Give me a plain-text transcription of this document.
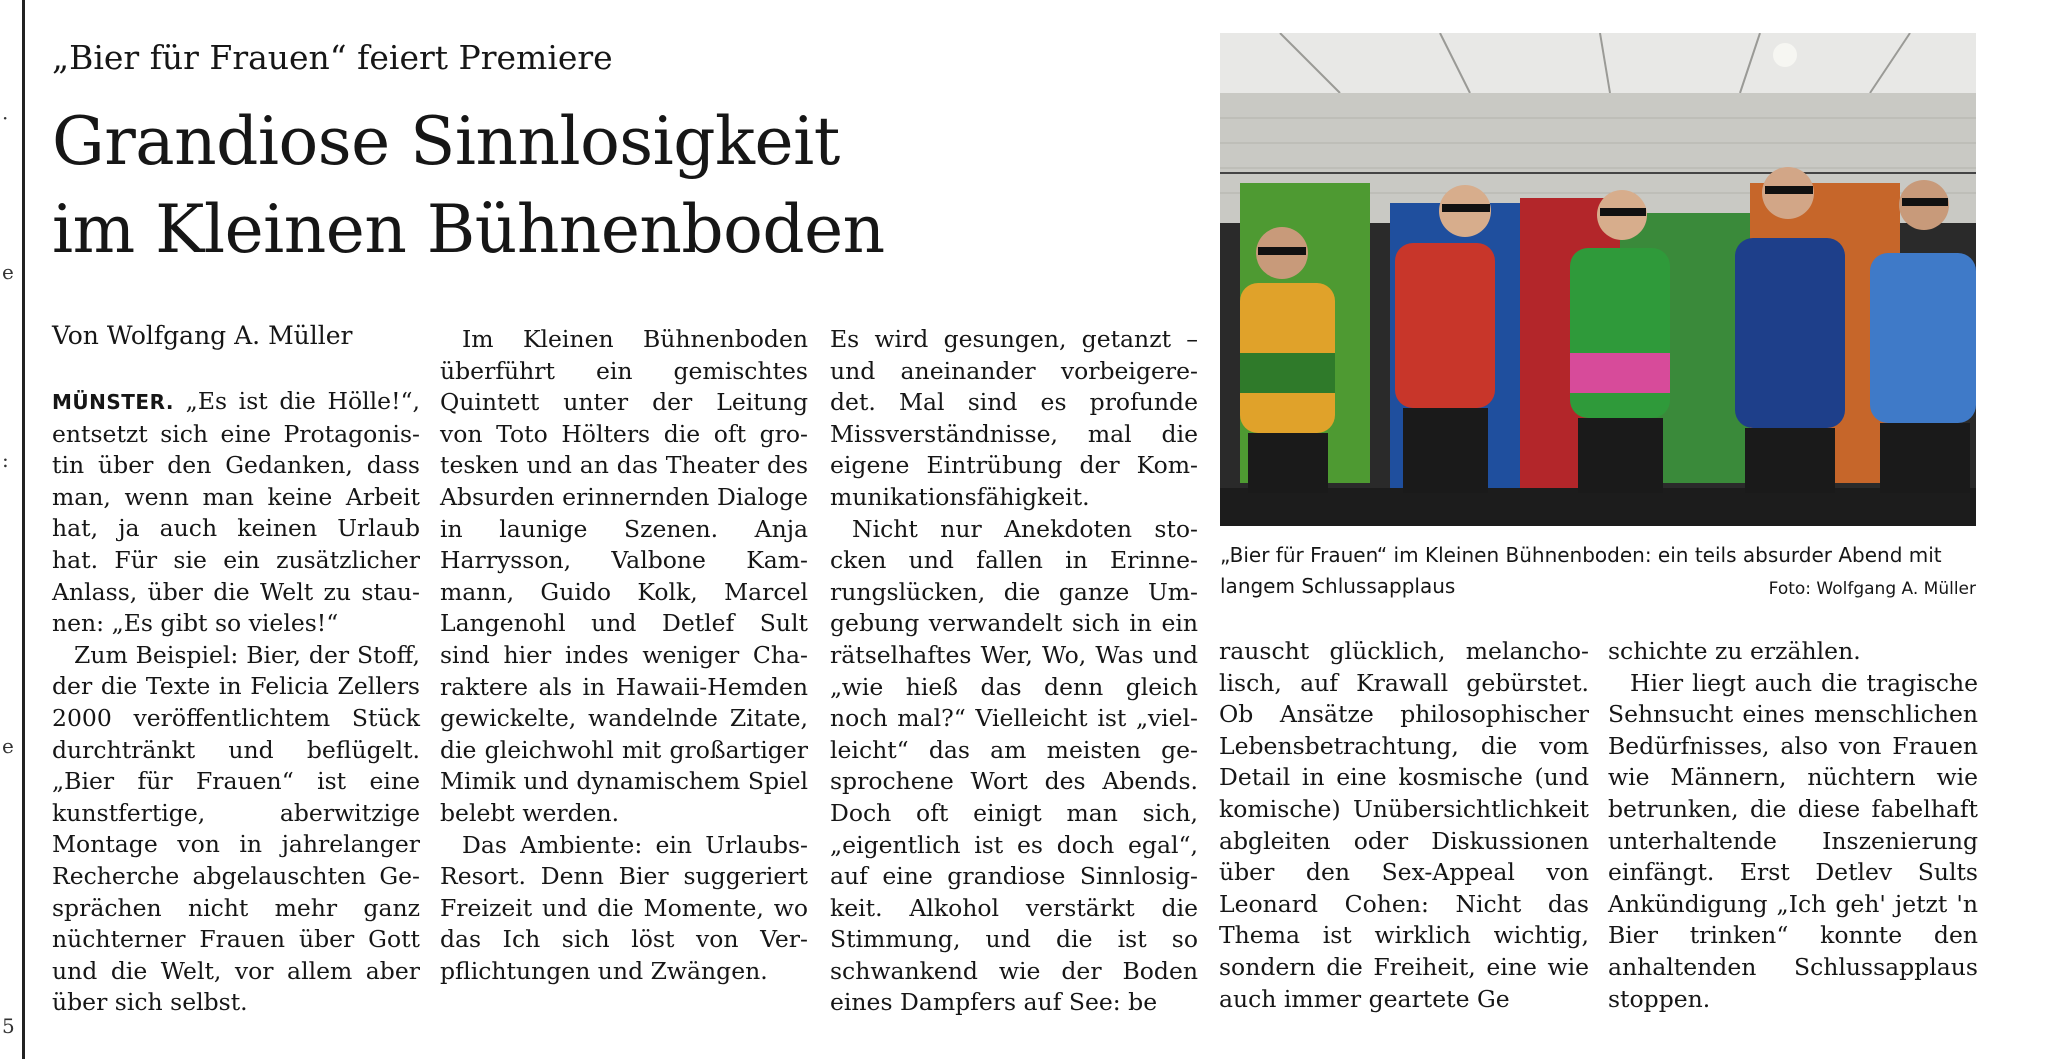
·
e
:
e
5
„Bier für Frauen“ feiert Premiere
Grandiose Sinnlosigkeit
im Kleinen Bühnenboden
Von Wolfgang A. Müller

MÜNSTER. „Es ist die Hölle!“, entsetzt sich eine Protagonistin über den Gedanken, dass man, wenn man keine Arbeit hat, ja auch keinen Urlaub hat. Für sie ein zusätzlicher Anlass, über die Welt zu staunen: „Es gibt so vieles!“

Zum Beispiel: Bier, der Stoff, der die Texte in Felicia Zellers 2000 veröffentlichtem Stück durchtränkt und beflügelt. „Bier für Frauen“ ist eine kunstfertige, aberwitzige Montage von in jahrelanger Recherche abgelauschten Gesprächen nicht mehr ganz nüchterner Frauen über Gott und die Welt, vor allem aber über sich selbst.

Im Kleinen Bühnenboden überführt ein gemischtes Quintett unter der Leitung von Toto Hölters die oft grotesken und an das Theater des Absurden erinnernden Dialoge in launige Szenen. Anja Harrysson, Valbone Kammann, Guido Kolk, Marcel Langenohl und Detlef Sult sind hier indes weniger Charaktere als in Hawaii-Hemden gewickelte, wandelnde Zitate, die gleichwohl mit großartiger Mimik und dynamischem Spiel belebt werden.

Das Ambiente: ein Urlaubs-Resort. Denn Bier suggeriert Freizeit und die Momente, wo das Ich sich löst von Verpflichtungen und Zwängen.

Es wird gesungen, getanzt – und aneinander vorbeigeredet. Mal sind es profunde Missverständnisse, mal die eigene Eintrübung der Kommunikationsfähigkeit.

Nicht nur Anekdoten stocken und fallen in Erinnerungslücken, die ganze Umgebung verwandelt sich in ein rätselhaftes Wer, Wo, Was und „wie hieß das denn gleich noch mal?“ Vielleicht ist „vielleicht“ das am meisten gesprochene Wort des Abends. Doch oft einigt man sich, „eigentlich ist es doch egal“, auf eine grandiose Sinnlosigkeit. Alkohol verstärkt die Stimmung, und die ist so schwankend wie der Boden eines Dampfers auf See: be

rauscht glücklich, melancholisch, auf Krawall gebürstet. Ob Ansätze philosophischer Lebensbetrachtung, die vom Detail in eine kosmische (und komische) Unübersichtlichkeit abgleiten oder Diskussionen über den Sex-Appeal von Leonard Cohen: Nicht das Thema ist wirklich wichtig, sondern die Freiheit, eine wie auch immer geartete Ge

schichte zu erzählen.

Hier liegt auch die tragische Sehnsucht eines menschlichen Bedürfnisses, also von Frauen wie Männern, nüchtern wie betrunken, die diese fabelhaft unterhaltende Inszenierung einfängt. Erst Detlev Sults Ankündigung „Ich geh' jetzt 'n Bier trinken“ konnte den anhaltenden Schlussapplaus stoppen.

„Bier für Frauen“ im Kleinen Bühnenboden: ein teils absurder Abend mit langem Schlussapplaus	Foto: Wolfgang A. Müller
